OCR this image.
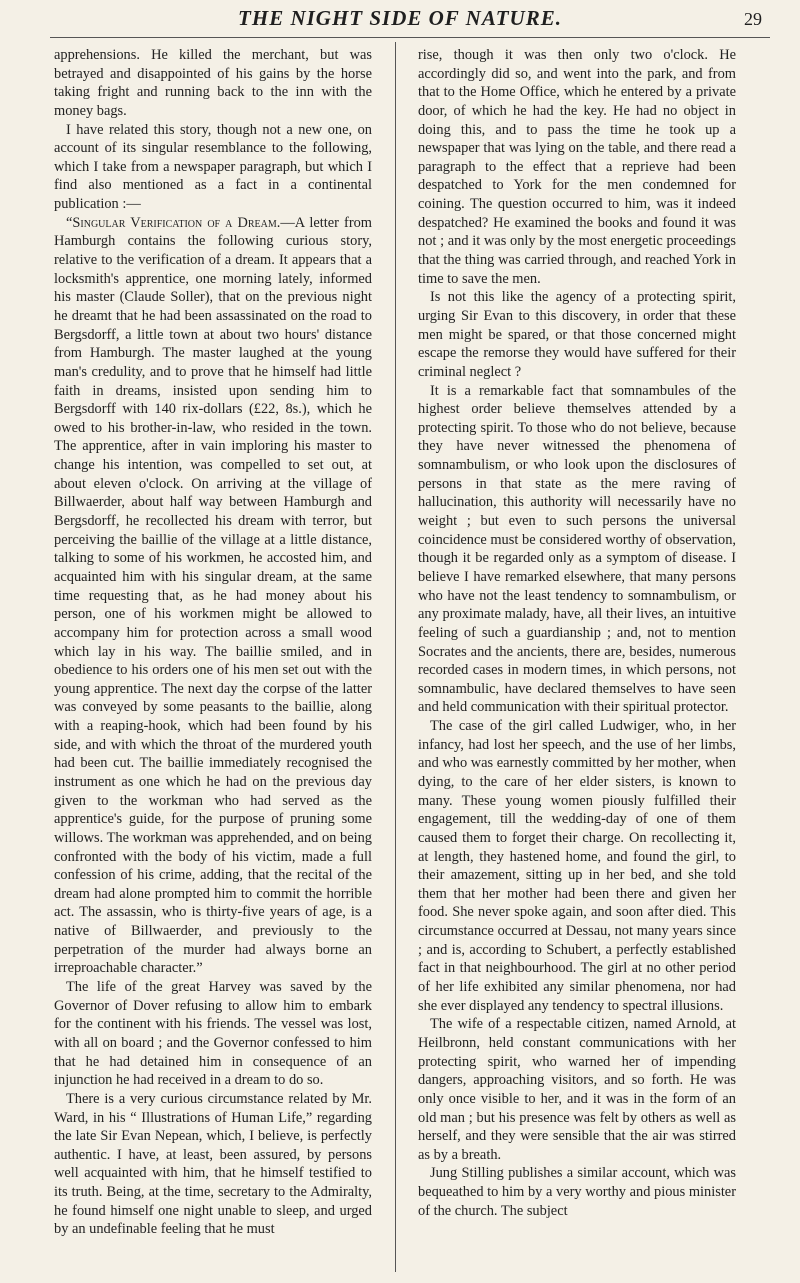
THE NIGHT SIDE OF NATURE.	29

apprehensions. He killed the merchant, but was betrayed and disappointed of his gains by the horse taking fright and running back to the inn with the money bags.

I have related this story, though not a new one, on account of its singular resemblance to the following, which I take from a newspaper paragraph, but which I find also mentioned as a fact in a continental publication :—

“Singular Verification of a Dream.—A letter from Hamburgh contains the following curious story, relative to the verification of a dream. It appears that a locksmith's apprentice, one morning lately, informed his master (Claude Soller), that on the previous night he dreamt that he had been assassinated on the road to Bergsdorff, a little town at about two hours' distance from Hamburgh. The master laughed at the young man's credulity, and to prove that he himself had little faith in dreams, insisted upon sending him to Bergsdorff with 140 rix-dollars (£22, 8s.), which he owed to his brother-in-law, who resided in the town. The apprentice, after in vain imploring his master to change his intention, was compelled to set out, at about eleven o'clock. On arriving at the village of Billwaerder, about half way between Hamburgh and Bergsdorff, he recollected his dream with terror, but perceiving the baillie of the village at a little distance, talking to some of his workmen, he accosted him, and acquainted him with his singular dream, at the same time requesting that, as he had money about his person, one of his workmen might be allowed to accompany him for protection across a small wood which lay in his way. The baillie smiled, and in obedience to his orders one of his men set out with the young apprentice. The next day the corpse of the latter was conveyed by some peasants to the baillie, along with a reaping-hook, which had been found by his side, and with which the throat of the murdered youth had been cut. The baillie immediately recognised the instrument as one which he had on the previous day given to the workman who had served as the apprentice's guide, for the purpose of pruning some willows. The workman was apprehended, and on being confronted with the body of his victim, made a full confession of his crime, adding, that the recital of the dream had alone prompted him to commit the horrible act. The assassin, who is thirty-five years of age, is a native of Billwaerder, and previously to the perpetration of the murder had always borne an irreproachable character.”

The life of the great Harvey was saved by the Governor of Dover refusing to allow him to embark for the continent with his friends. The vessel was lost, with all on board ; and the Governor confessed to him that he had detained him in consequence of an injunction he had received in a dream to do so.

There is a very curious circumstance related by Mr. Ward, in his “ Illustrations of Human Life,” regarding the late Sir Evan Nepean, which, I believe, is perfectly authentic. I have, at least, been assured, by persons well acquainted with him, that he himself testified to its truth. Being, at the time, secretary to the Admiralty, he found himself one night unable to sleep, and urged by an undefinable feeling that he must

rise, though it was then only two o'clock. He accordingly did so, and went into the park, and from that to the Home Office, which he entered by a private door, of which he had the key. He had no object in doing this, and to pass the time he took up a newspaper that was lying on the table, and there read a paragraph to the effect that a reprieve had been despatched to York for the men condemned for coining. The question occurred to him, was it indeed despatched? He examined the books and found it was not ; and it was only by the most energetic proceedings that the thing was carried through, and reached York in time to save the men.

Is not this like the agency of a protecting spirit, urging Sir Evan to this discovery, in order that these men might be spared, or that those concerned might escape the remorse they would have suffered for their criminal neglect ?

It is a remarkable fact that somnambules of the highest order believe themselves attended by a protecting spirit. To those who do not believe, because they have never witnessed the phenomena of somnambulism, or who look upon the disclosures of persons in that state as the mere raving of hallucination, this authority will necessarily have no weight ; but even to such persons the universal coincidence must be considered worthy of observation, though it be regarded only as a symptom of disease. I believe I have remarked elsewhere, that many persons who have not the least tendency to somnambulism, or any proximate malady, have, all their lives, an intuitive feeling of such a guardianship ; and, not to mention Socrates and the ancients, there are, besides, numerous recorded cases in modern times, in which persons, not somnambulic, have declared themselves to have seen and held communication with their spiritual protector.

The case of the girl called Ludwiger, who, in her infancy, had lost her speech, and the use of her limbs, and who was earnestly committed by her mother, when dying, to the care of her elder sisters, is known to many. These young women piously fulfilled their engagement, till the wedding-day of one of them caused them to forget their charge. On recollecting it, at length, they hastened home, and found the girl, to their amazement, sitting up in her bed, and she told them that her mother had been there and given her food. She never spoke again, and soon after died. This circumstance occurred at Dessau, not many years since ; and is, according to Schubert, a perfectly established fact in that neighbourhood. The girl at no other period of her life exhibited any similar phenomena, nor had she ever displayed any tendency to spectral illusions.

The wife of a respectable citizen, named Arnold, at Heilbronn, held constant communications with her protecting spirit, who warned her of impending dangers, approaching visitors, and so forth. He was only once visible to her, and it was in the form of an old man ; but his presence was felt by others as well as herself, and they were sensible that the air was stirred as by a breath.

Jung Stilling publishes a similar account, which was bequeathed to him by a very worthy and pious minister of the church. The subject
